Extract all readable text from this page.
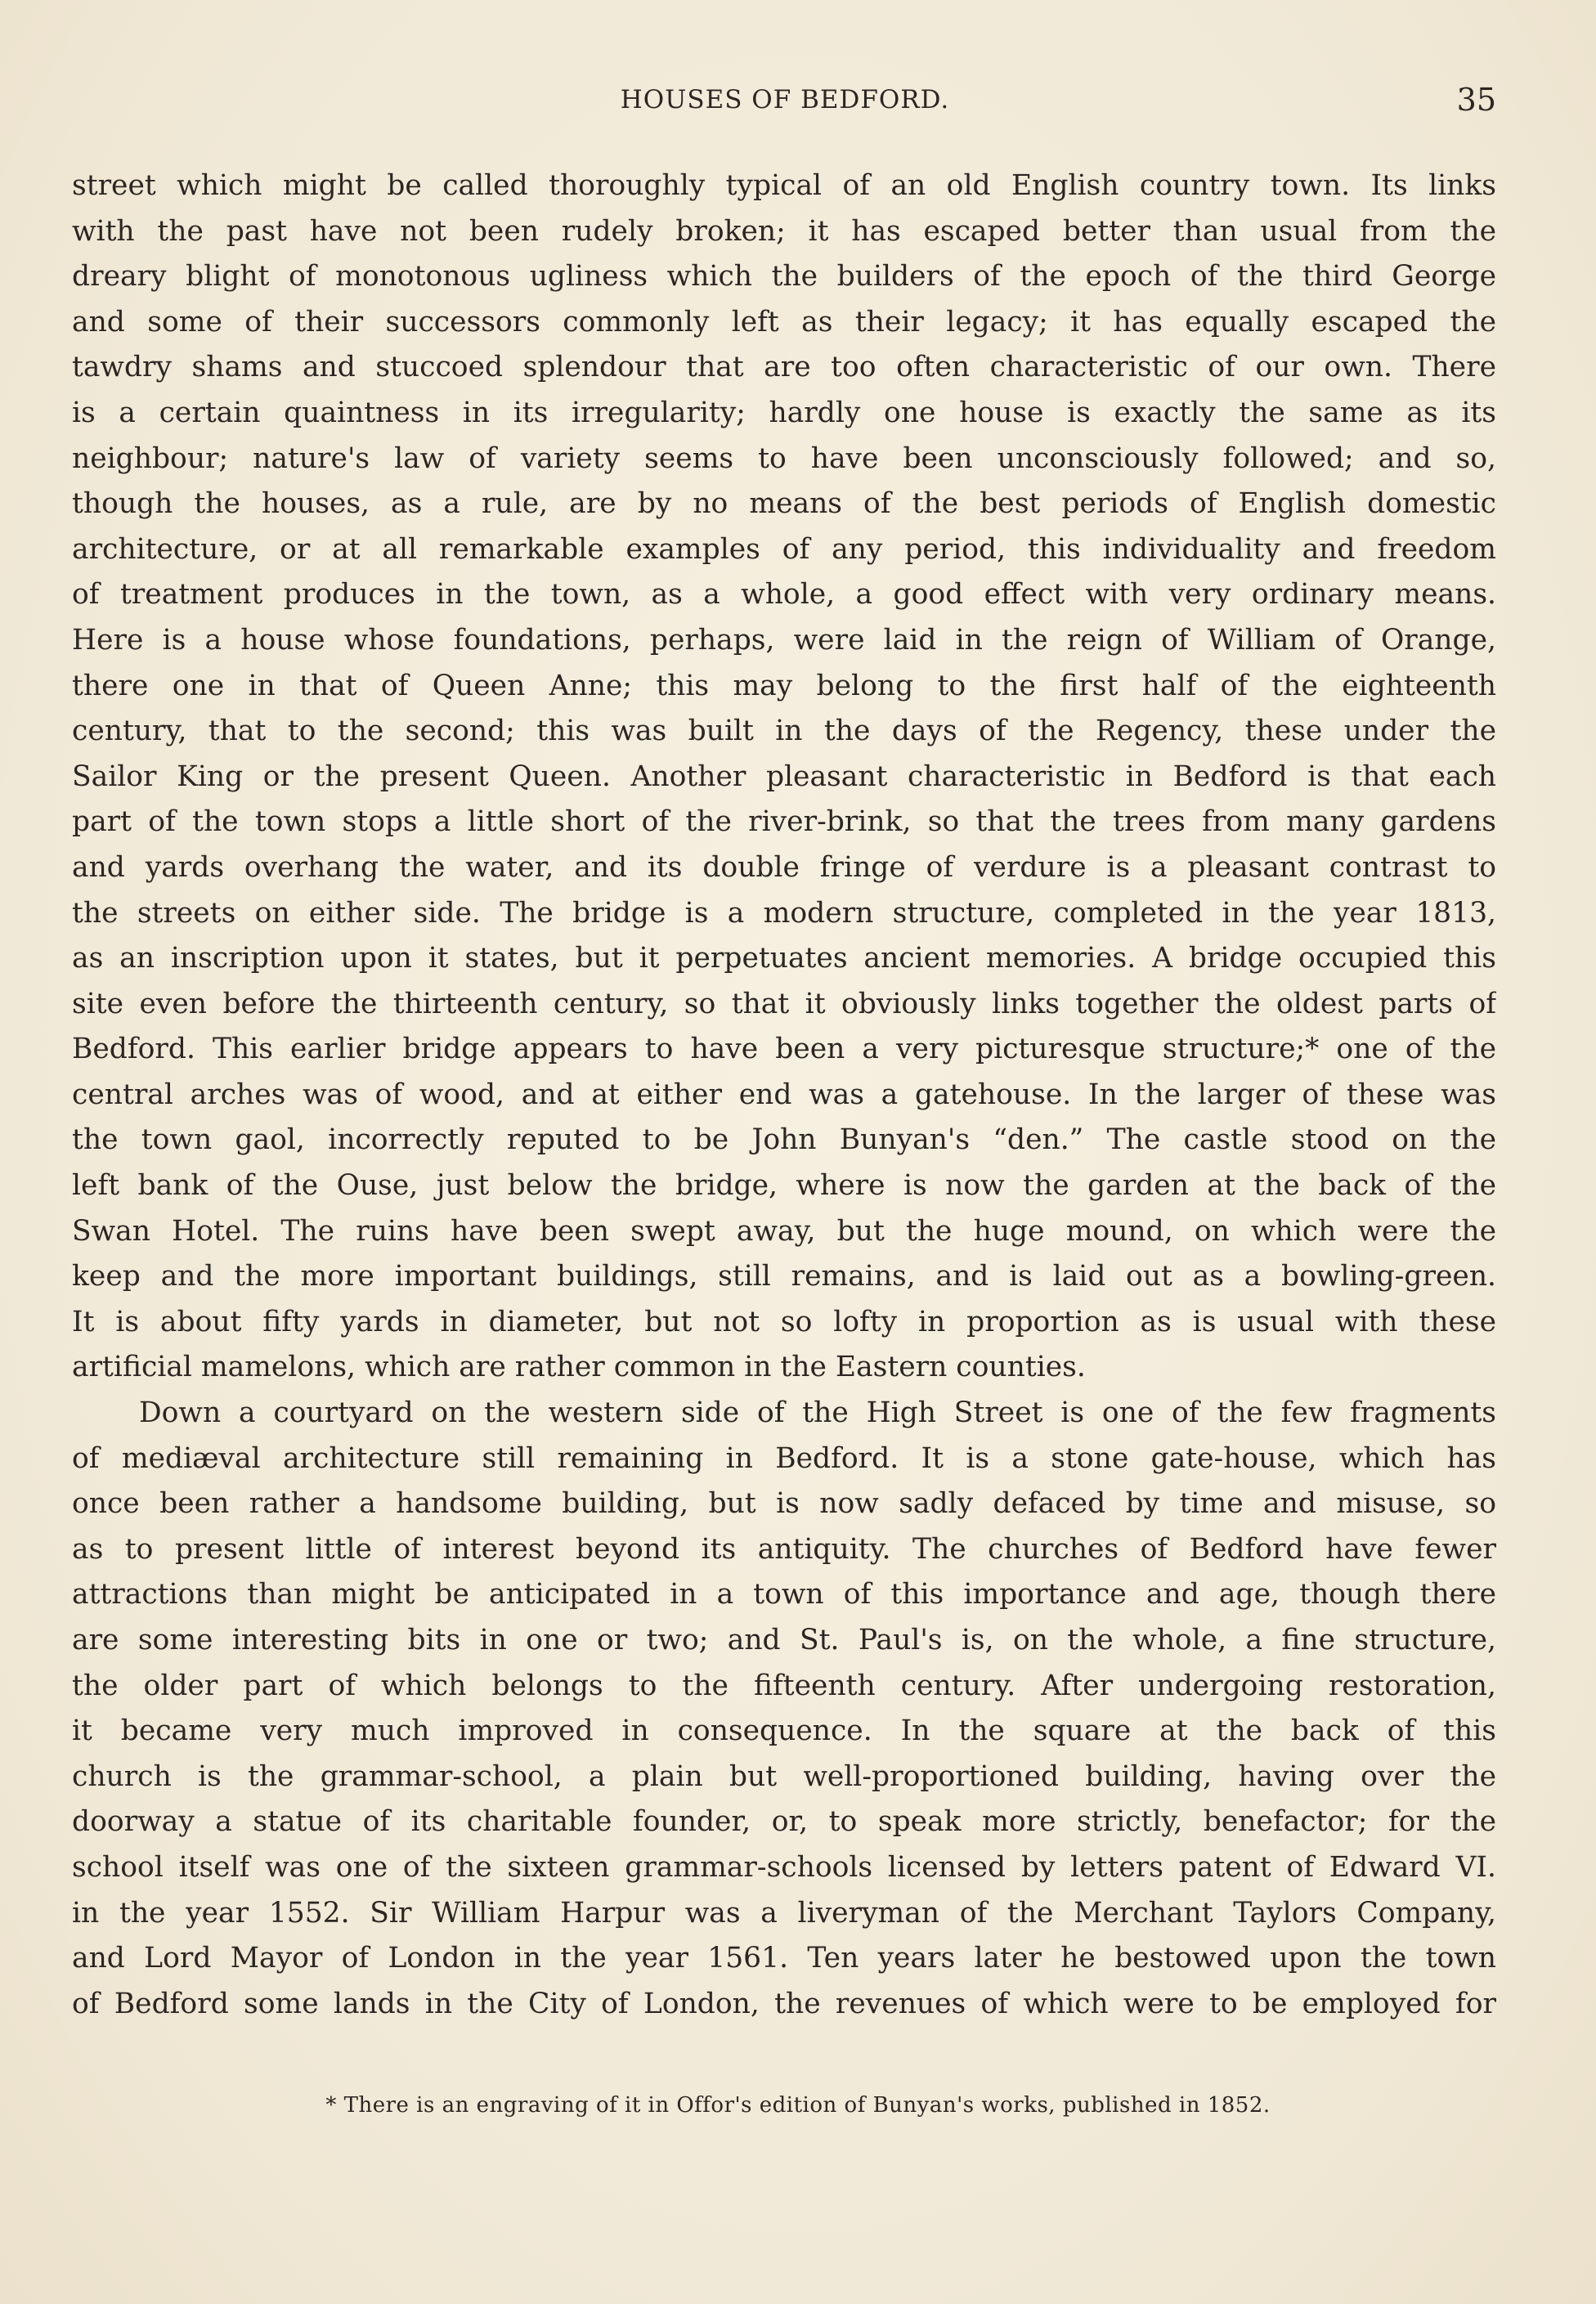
HOUSES OF BEDFORD.	35
street which might be called thoroughly typical of an old English country town. Its links
with the past have not been rudely broken; it has escaped better than usual from the
dreary blight of monotonous ugliness which the builders of the epoch of the third George
and some of their successors commonly left as their legacy; it has equally escaped the
tawdry shams and stuccoed splendour that are too often characteristic of our own. There
is a certain quaintness in its irregularity; hardly one house is exactly the same as its
neighbour; nature's law of variety seems to have been unconsciously followed; and so,
though the houses, as a rule, are by no means of the best periods of English domestic
architecture, or at all remarkable examples of any period, this individuality and freedom
of treatment produces in the town, as a whole, a good effect with very ordinary means.
Here is a house whose foundations, perhaps, were laid in the reign of William of Orange,
there one in that of Queen Anne; this may belong to the first half of the eighteenth
century, that to the second; this was built in the days of the Regency, these under the
Sailor King or the present Queen. Another pleasant characteristic in Bedford is that each
part of the town stops a little short of the river-brink, so that the trees from many gardens
and yards overhang the water, and its double fringe of verdure is a pleasant contrast to
the streets on either side. The bridge is a modern structure, completed in the year 1813,
as an inscription upon it states, but it perpetuates ancient memories. A bridge occupied this
site even before the thirteenth century, so that it obviously links together the oldest parts of
Bedford. This earlier bridge appears to have been a very picturesque structure;* one of the
central arches was of wood, and at either end was a gatehouse. In the larger of these was
the town gaol, incorrectly reputed to be John Bunyan's “den.” The castle stood on the
left bank of the Ouse, just below the bridge, where is now the garden at the back of the
Swan Hotel. The ruins have been swept away, but the huge mound, on which were the
keep and the more important buildings, still remains, and is laid out as a bowling-green.
It is about fifty yards in diameter, but not so lofty in proportion as is usual with these
artificial mamelons, which are rather common in the Eastern counties.
Down a courtyard on the western side of the High Street is one of the few fragments
of mediæval architecture still remaining in Bedford. It is a stone gate-house, which has
once been rather a handsome building, but is now sadly defaced by time and misuse, so
as to present little of interest beyond its antiquity. The churches of Bedford have fewer
attractions than might be anticipated in a town of this importance and age, though there
are some interesting bits in one or two; and St. Paul's is, on the whole, a fine structure,
the older part of which belongs to the fifteenth century. After undergoing restoration,
it became very much improved in consequence. In the square at the back of this
church is the grammar-school, a plain but well-proportioned building, having over the
doorway a statue of its charitable founder, or, to speak more strictly, benefactor; for the
school itself was one of the sixteen grammar-schools licensed by letters patent of Edward VI.
in the year 1552. Sir William Harpur was a liveryman of the Merchant Taylors Company,
and Lord Mayor of London in the year 1561. Ten years later he bestowed upon the town
of Bedford some lands in the City of London, the revenues of which were to be employed for
* There is an engraving of it in Offor's edition of Bunyan's works, published in 1852.
